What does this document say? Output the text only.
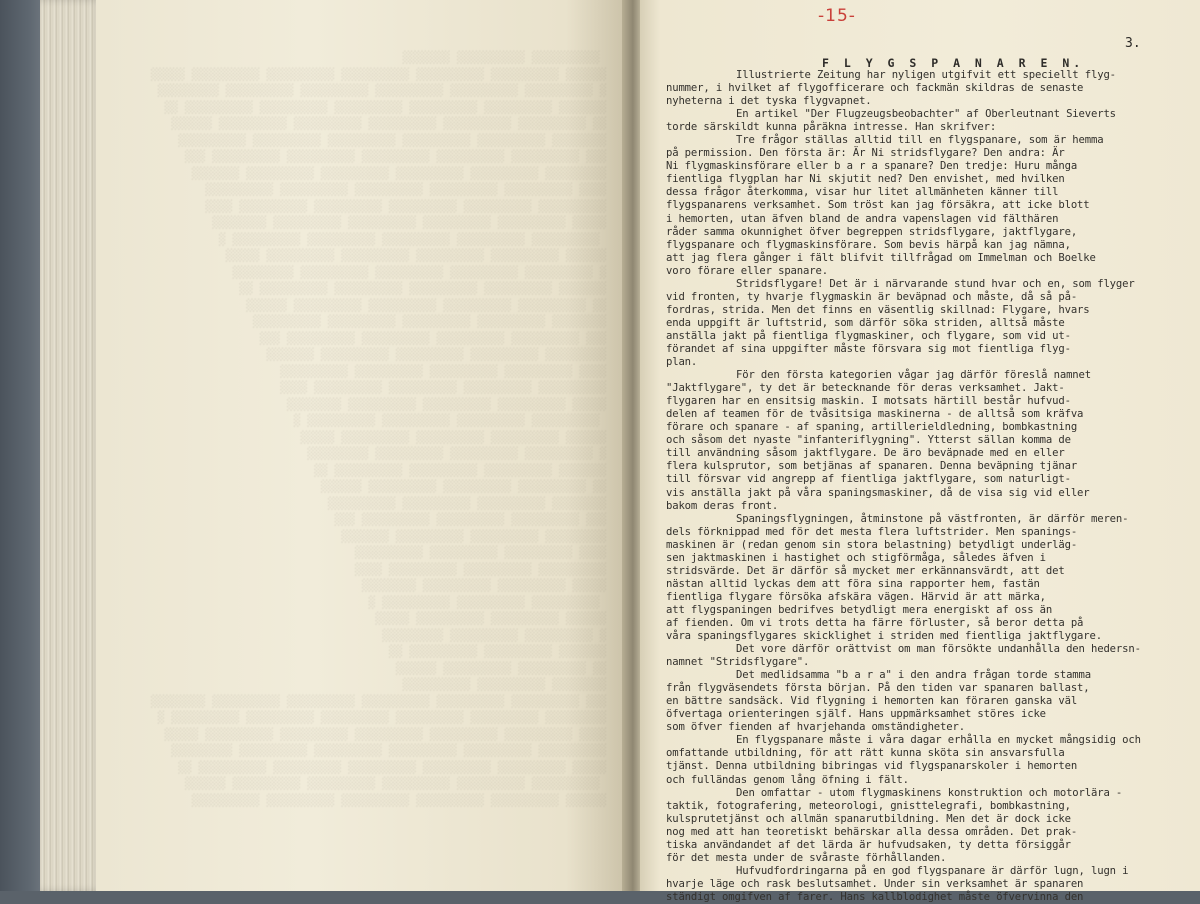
░░░░░░░░░░ ░░░░░░░░░░ ░░░░░░░
░░░░░░ ░░░░░░░░░░ ░░░░░░░░░░ ░░░░░░░░░░ ░░░░░░░░░░ ░░░░░░░░░░ ░░░░░
░ ░░░░░░░░░░ ░░░░░░░░░░ ░░░░░░░░░░ ░░░░░░░░░░ ░░░░░░░░░░ ░░░░░░░░░
░░░░░░░ ░░░░░░░░░░ ░░░░░░░░░░ ░░░░░░░░░░ ░░░░░░░░░░ ░░░░░░░░░░ ░░
░░ ░░░░░░░░░░ ░░░░░░░░░░ ░░░░░░░░░░ ░░░░░░░░░░ ░░░░░░░░░░ ░░░░░░
░░░░░░░░ ░░░░░░░░░░ ░░░░░░░░░░ ░░░░░░░░░░ ░░░░░░░░░░ ░░░░░░░░░░
░░░ ░░░░░░░░░░ ░░░░░░░░░░ ░░░░░░░░░░ ░░░░░░░░░░ ░░░░░░░░░░ ░░░
░░░░░░░░░ ░░░░░░░░░░ ░░░░░░░░░░ ░░░░░░░░░░ ░░░░░░░░░░ ░░░░░░░
░░░░ ░░░░░░░░░░ ░░░░░░░░░░ ░░░░░░░░░░ ░░░░░░░░░░ ░░░░░░░░░░
░░░░░░░░░░ ░░░░░░░░░░ ░░░░░░░░░░ ░░░░░░░░░░ ░░░░░░░░░░ ░░░░
░░░░░ ░░░░░░░░░░ ░░░░░░░░░░ ░░░░░░░░░░ ░░░░░░░░░░ ░░░░░░░░
░░░░░░░░░░ ░░░░░░░░░░ ░░░░░░░░░░ ░░░░░░░░░░ ░░░░░░░░░░ ░
░░░░░░ ░░░░░░░░░░ ░░░░░░░░░░ ░░░░░░░░░░ ░░░░░░░░░░ ░░░░░
░ ░░░░░░░░░░ ░░░░░░░░░░ ░░░░░░░░░░ ░░░░░░░░░░ ░░░░░░░░░
░░░░░░░ ░░░░░░░░░░ ░░░░░░░░░░ ░░░░░░░░░░ ░░░░░░░░░░ ░░
░░ ░░░░░░░░░░ ░░░░░░░░░░ ░░░░░░░░░░ ░░░░░░░░░░ ░░░░░░
░░░░░░░░ ░░░░░░░░░░ ░░░░░░░░░░ ░░░░░░░░░░ ░░░░░░░░░░
░░░ ░░░░░░░░░░ ░░░░░░░░░░ ░░░░░░░░░░ ░░░░░░░░░░ ░░░
░░░░░░░░░ ░░░░░░░░░░ ░░░░░░░░░░ ░░░░░░░░░░ ░░░░░░░
░░░░ ░░░░░░░░░░ ░░░░░░░░░░ ░░░░░░░░░░ ░░░░░░░░░░
░░░░░░░░░░ ░░░░░░░░░░ ░░░░░░░░░░ ░░░░░░░░░░ ░░░░
░░░░░ ░░░░░░░░░░ ░░░░░░░░░░ ░░░░░░░░░░ ░░░░░░░░
░░░░░░░░░░ ░░░░░░░░░░ ░░░░░░░░░░ ░░░░░░░░░░ ░
░░░░░░ ░░░░░░░░░░ ░░░░░░░░░░ ░░░░░░░░░░ ░░░░░
░ ░░░░░░░░░░ ░░░░░░░░░░ ░░░░░░░░░░ ░░░░░░░░░
░░░░░░░ ░░░░░░░░░░ ░░░░░░░░░░ ░░░░░░░░░░ ░░
░░ ░░░░░░░░░░ ░░░░░░░░░░ ░░░░░░░░░░ ░░░░░░
░░░░░░░░ ░░░░░░░░░░ ░░░░░░░░░░ ░░░░░░░░░░
░░░ ░░░░░░░░░░ ░░░░░░░░░░ ░░░░░░░░░░ ░░░
░░░░░░░░░ ░░░░░░░░░░ ░░░░░░░░░░ ░░░░░░░
░░░░ ░░░░░░░░░░ ░░░░░░░░░░ ░░░░░░░░░░
░░░░░░░░░░ ░░░░░░░░░░ ░░░░░░░░░░ ░░░░
░░░░░ ░░░░░░░░░░ ░░░░░░░░░░ ░░░░░░░░
░░░░░░░░░░ ░░░░░░░░░░ ░░░░░░░░░░ ░
░░░░░░ ░░░░░░░░░░ ░░░░░░░░░░ ░░░░░
░ ░░░░░░░░░░ ░░░░░░░░░░ ░░░░░░░░░
░░░░░░░ ░░░░░░░░░░ ░░░░░░░░░░ ░░
░░ ░░░░░░░░░░ ░░░░░░░░░░ ░░░░░░
░░░░░░░░ ░░░░░░░░░░ ░░░░░░░░░░
░░░ ░░░░░░░░░░ ░░░░░░░░░░ ░░░░░░░░░░ ░░░░░░░░░░ ░░░░░░░░░░ ░░░░░░░░
░░░░░░░░░ ░░░░░░░░░░ ░░░░░░░░░░ ░░░░░░░░░░ ░░░░░░░░░░ ░░░░░░░░░░ ░
░░░░ ░░░░░░░░░░ ░░░░░░░░░░ ░░░░░░░░░░ ░░░░░░░░░░ ░░░░░░░░░░ ░░░░░
░░░░░░░░░░ ░░░░░░░░░░ ░░░░░░░░░░ ░░░░░░░░░░ ░░░░░░░░░░ ░░░░░░░░░
░░░░░ ░░░░░░░░░░ ░░░░░░░░░░ ░░░░░░░░░░ ░░░░░░░░░░ ░░░░░░░░░░ ░░
░░░░░░░░░░ ░░░░░░░░░░ ░░░░░░░░░░ ░░░░░░░░░░ ░░░░░░░░░░ ░░░░░░
░░░░░░ ░░░░░░░░░░ ░░░░░░░░░░ ░░░░░░░░░░ ░░░░░░░░░░ ░░░░░░░░░░
-15-
3.
F L Y G S P A N A R E N.
Illustrierte Zeitung har nyligen utgifvit ett speciellt flyg-
nummer, i hvilket af flygofficerare och fackmän skildras de senaste
nyheterna i det tyska flygvapnet.
En artikel "Der Flugzeugsbeobachter" af Oberleutnant Sieverts
torde särskildt kunna påräkna intresse. Han skrifver:
Tre frågor ställas alltid till en flygspanare, som är hemma
på permission. Den första är: Är Ni stridsflygare? Den andra: Är
Ni flygmaskinsförare eller b a r a spanare? Den tredje: Huru många
fientliga flygplan har Ni skjutit ned? Den envishet, med hvilken
dessa frågor återkomma, visar hur litet allmänheten känner till
flygspanarens verksamhet. Som tröst kan jag försäkra, att icke blott
i hemorten, utan äfven bland de andra vapenslagen vid fälthären
råder samma okunnighet öfver begreppen stridsflygare, jaktflygare,
flygspanare och flygmaskinsförare. Som bevis härpå kan jag nämna,
att jag flera gånger i fält blifvit tillfrågad om Immelman och Boelke
voro förare eller spanare.
Stridsflygare! Det är i närvarande stund hvar och en, som flyger
vid fronten, ty hvarje flygmaskin är beväpnad och måste, då så på-
fordras, strida. Men det finns en väsentlig skillnad: Flygare, hvars
enda uppgift är luftstrid, som därför söka striden, alltså måste
anställa jakt på fientliga flygmaskiner, och flygare, som vid ut-
förandet af sina uppgifter måste försvara sig mot fientliga flyg-
plan.
För den första kategorien vågar jag därför föreslå namnet
"Jaktflygare", ty det är betecknande för deras verksamhet. Jakt-
flygaren har en ensitsig maskin. I motsats härtill består hufvud-
delen af teamen för de tvåsitsiga maskinerna - de alltså som kräfva
förare och spanare - af spaning, artillerieldledning, bombkastning
och såsom det nyaste "infanteriflygning". Ytterst sällan komma de
till användning såsom jaktflygare. De äro beväpnade med en eller
flera kulsprutor, som betjänas af spanaren. Denna beväpning tjänar
till försvar vid angrepp af fientliga jaktflygare, som naturligt-
vis anställa jakt på våra spaningsmaskiner, då de visa sig vid eller
bakom deras front.
Spaningsflygningen, åtminstone på västfronten, är därför meren-
dels förknippad med för det mesta flera luftstrider. Men spanings-
maskinen är (redan genom sin stora belastning) betydligt underläg-
sen jaktmaskinen i hastighet och stigförmåga, således äfven i
stridsvärde. Det är därför så mycket mer erkännansvärdt, att det
nästan alltid lyckas dem att föra sina rapporter hem, fastän
fientliga flygare försöka afskära vägen. Härvid är att märka,
att flygspaningen bedrifves betydligt mera energiskt af oss än
af fienden. Om vi trots detta ha färre förluster, så beror detta på
våra spaningsflygares skicklighet i striden med fientliga jaktflygare.
Det vore därför orättvist om man försökte undanhålla den hedersn-
namnet "Stridsflygare".
Det medlidsamma "b a r a" i den andra frågan torde stamma
från flygväsendets första början. På den tiden var spanaren ballast,
en bättre sandsäck. Vid flygning i hemorten kan föraren ganska väl
öfvertaga orienteringen själf. Hans uppmärksamhet störes icke
som öfver fienden af hvarjehanda omständigheter.
En flygspanare måste i våra dagar erhålla en mycket mångsidig och
omfattande utbildning, för att rätt kunna sköta sin ansvarsfulla
tjänst. Denna utbildning bibringas vid flygspanarskoler i hemorten
och fulländas genom lång öfning i fält.
Den omfattar - utom flygmaskinens konstruktion och motorlära -
taktik, fotografering, meteorologi, gnisttelegrafi, bombkastning,
kulsprutetjänst och allmän spanarutbildning. Men det är dock icke
nog med att han teoretiskt behärskar alla dessa områden. Det prak-
tiska användandet af det lärda är hufvudsaken, ty detta försiggår
för det mesta under de svåraste förhållanden.
Hufvudfordringarna på en god flygspanare är därför lugn, lugn i
hvarje läge och rask beslutsamhet. Under sin verksamhet är spanaren
ständigt omgifven af farer. Hans kallblodighet måste öfvervinna den
